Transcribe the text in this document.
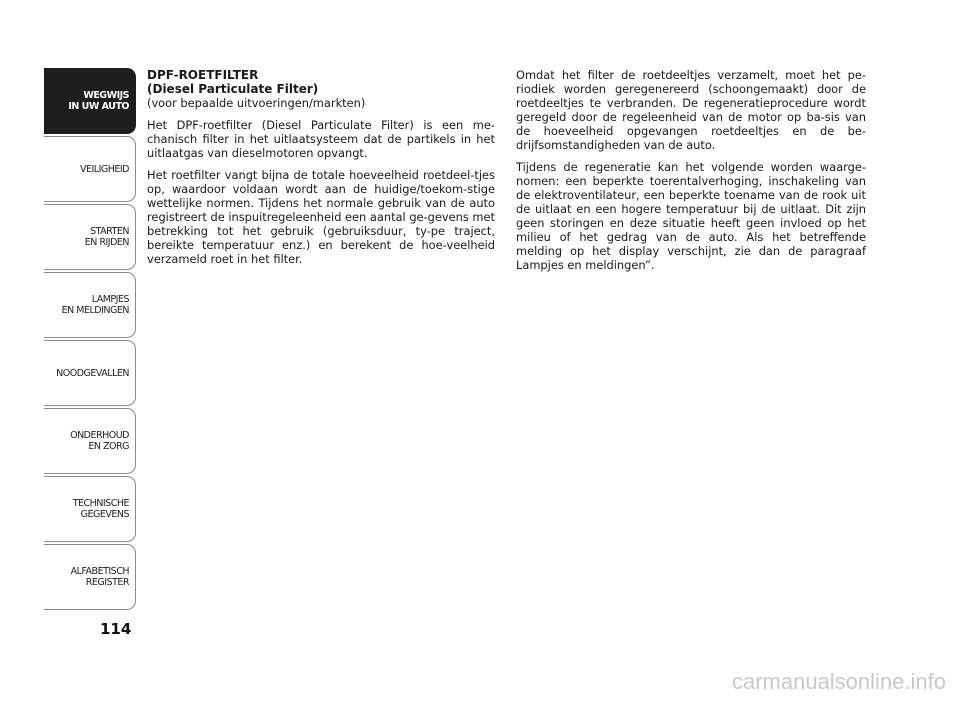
WEGWIJS
IN UW AUTO
VEILIGHEID
STARTEN
EN RIJDEN
LAMPJES
EN MELDINGEN
NOODGEVALLEN
ONDERHOUD
EN ZORG
TECHNISCHE
GEGEVENS
ALFABETISCH
REGISTER
114
DPF-ROETFILTER
(Diesel Particulate Filter)
(voor bepaalde uitvoeringen/markten)

Het DPF-roetfilter (Diesel Particulate Filter) is een me-chanisch filter in het uitlaatsysteem dat de partikels in het uitlaatgas van dieselmotoren opvangt.

Het roetfilter vangt bijna de totale hoeveelheid roetdeel-tjes op, waardoor voldaan wordt aan de huidige/toekom-stige wettelijke normen. Tijdens het normale gebruik van de auto registreert de inspuitregeleenheid een aantal ge-gevens met betrekking tot het gebruik (gebruiksduur, ty-pe traject, bereikte temperatuur enz.) en berekent de hoe-veelheid verzameld roet in het filter.

Omdat het filter de roetdeeltjes verzamelt, moet het pe-riodiek worden geregenereerd (schoongemaakt) door de roetdeeltjes te verbranden. De regeneratieprocedure wordt geregeld door de regeleenheid van de motor op ba-sis van de hoeveelheid opgevangen roetdeeltjes en de be-drijfsomstandigheden van de auto.

Tijdens de regeneratie kan het volgende worden waarge-nomen: een beperkte toerentalverhoging, inschakeling van de elektroventilateur, een beperkte toename van de rook uit de uitlaat en een hogere temperatuur bij de uitlaat. Dit zijn geen storingen en deze situatie heeft geen invloed op het milieu of het gedrag van de auto. Als het betreffende melding op het display verschijnt, zie dan de paragraaf Lampjes en meldingen”.

carmanualsonline.info
